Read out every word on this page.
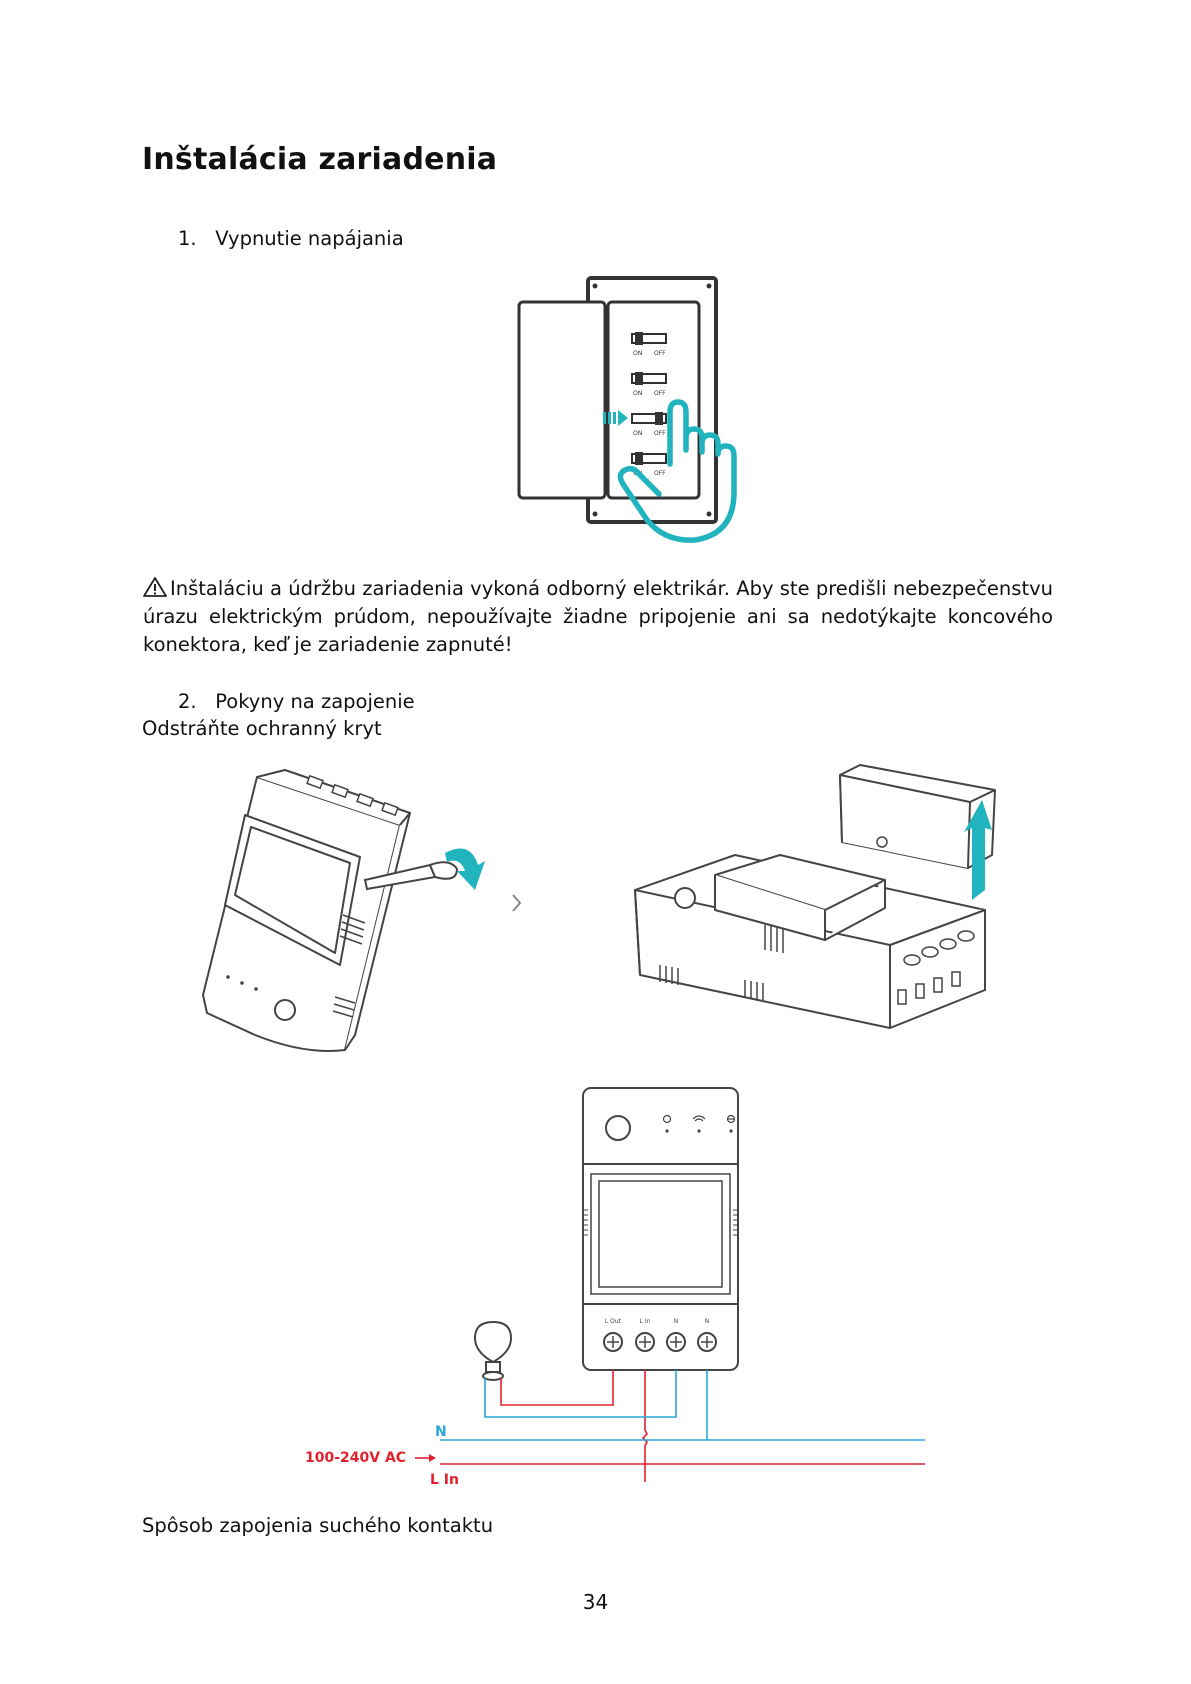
Inštalácia zariadenia
1. Vypnutie napájania
ON OFF
ON OFF
ON OFF
ON OFF
Inštaláciu a údržbu zariadenia vykoná odborný elektrikár. Aby ste predišli nebezpečenstvu úrazu elektrickým prúdom, nepoužívajte žiadne pripojenie ani sa nedotýkajte koncového konektora, keď je zariadenie zapnuté!
2. Pokyny na zapojenie
Odstráňte ochranný kryt
L Out	L In	N	N
N
100-240V AC
L In
Spôsob zapojenia suchého kontaktu
34
